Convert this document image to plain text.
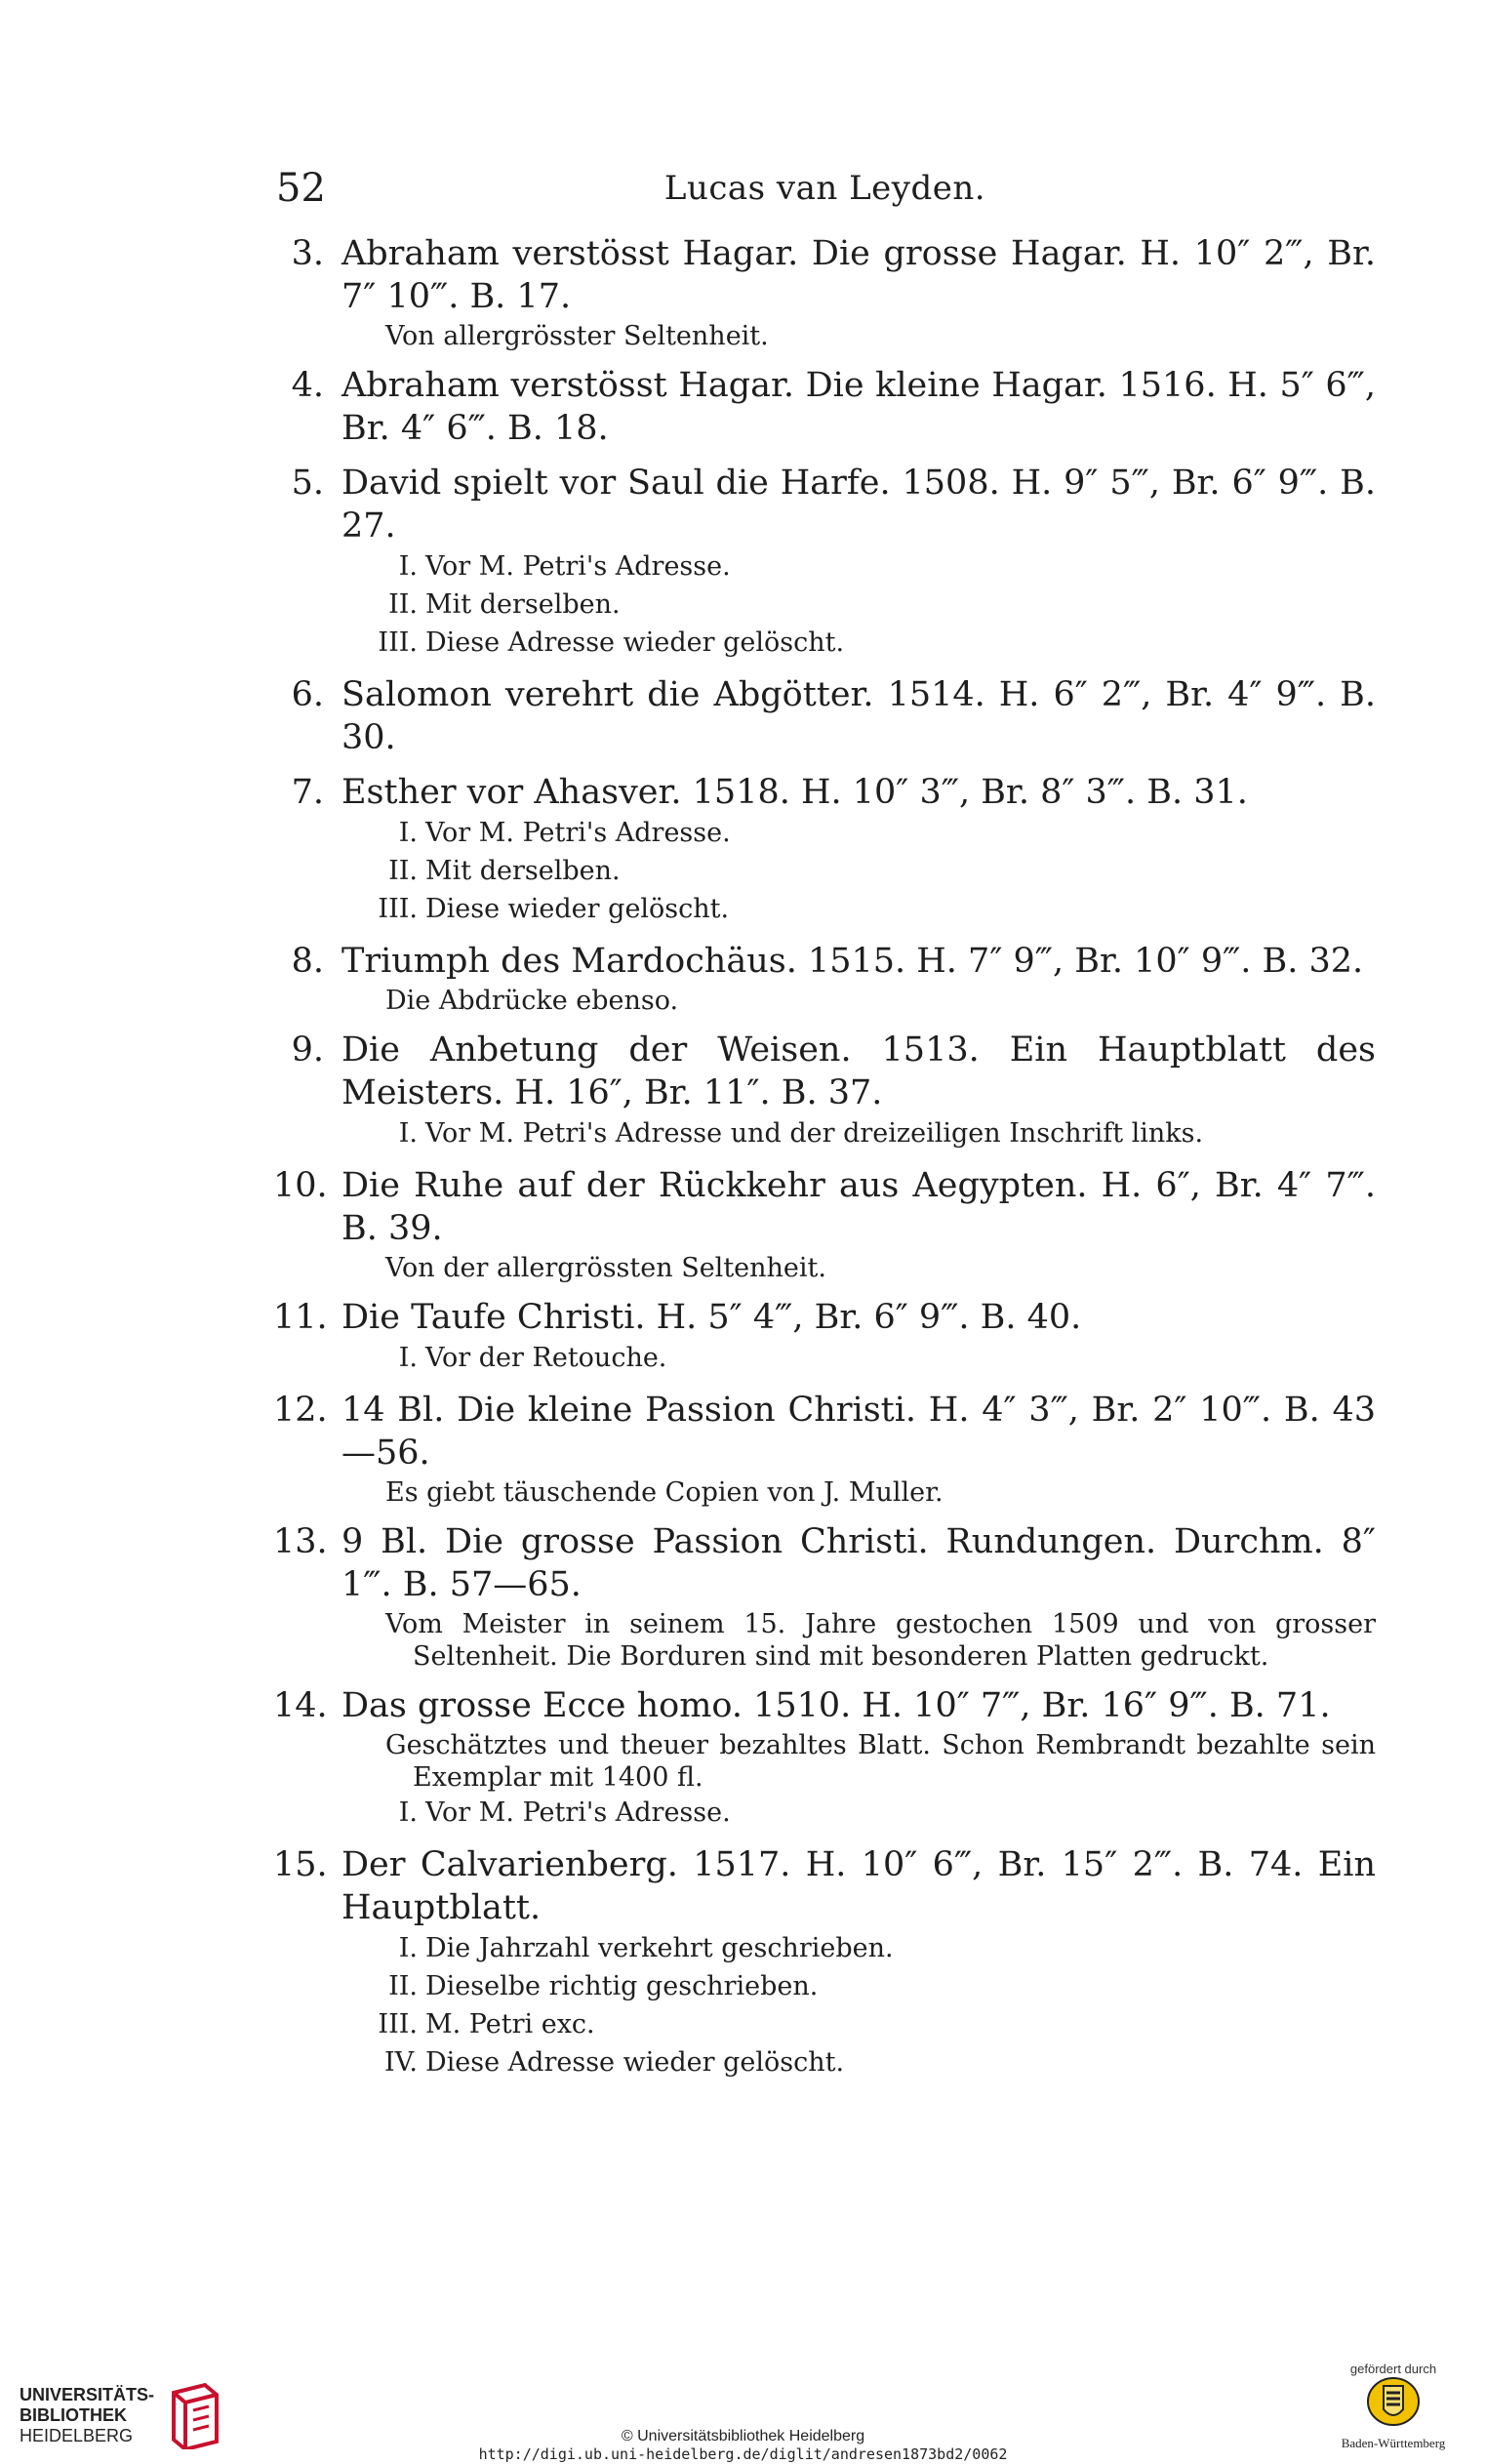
52	Lucas van Leyden.
3. Abraham verstösst Hagar. Die grosse Hagar. H. 10″ 2‴, Br. 7″ 10‴. B. 17.
Von allergrösster Seltenheit.
4. Abraham verstösst Hagar. Die kleine Hagar. 1516. H. 5″ 6‴, Br. 4″ 6‴. B. 18.
5. David spielt vor Saul die Harfe. 1508. H. 9″ 5‴, Br. 6″ 9‴. B. 27.
I. Vor M. Petri's Adresse.
II. Mit derselben.
III. Diese Adresse wieder gelöscht.
6. Salomon verehrt die Abgötter. 1514. H. 6″ 2‴, Br. 4″ 9‴. B. 30.
7. Esther vor Ahasver. 1518. H. 10″ 3‴, Br. 8″ 3‴. B. 31.
I. Vor M. Petri's Adresse.
II. Mit derselben.
III. Diese wieder gelöscht.
8. Triumph des Mardochäus. 1515. H. 7″ 9‴, Br. 10″ 9‴. B. 32.
Die Abdrücke ebenso.
9. Die Anbetung der Weisen. 1513. Ein Hauptblatt des Meisters. H. 16″, Br. 11″. B. 37.
I. Vor M. Petri's Adresse und der dreizeiligen Inschrift links.
10. Die Ruhe auf der Rückkehr aus Aegypten. H. 6″, Br. 4″ 7‴. B. 39.
Von der allergrössten Seltenheit.
11. Die Taufe Christi. H. 5″ 4‴, Br. 6″ 9‴. B. 40.
I. Vor der Retouche.
12. 14 Bl. Die kleine Passion Christi. H. 4″ 3‴, Br. 2″ 10‴. B. 43—56.
Es giebt täuschende Copien von J. Muller.
13. 9 Bl. Die grosse Passion Christi. Rundungen. Durchm. 8″ 1‴. B. 57—65.
Vom Meister in seinem 15. Jahre gestochen 1509 und von grosser Seltenheit. Die Borduren sind mit besonderen Platten gedruckt.
14. Das grosse Ecce homo. 1510. H. 10″ 7‴, Br. 16″ 9‴. B. 71.
Geschätztes und theuer bezahltes Blatt. Schon Rembrandt bezahlte sein Exemplar mit 1400 fl.
I. Vor M. Petri's Adresse.
15. Der Calvarienberg. 1517. H. 10″ 6‴, Br. 15″ 2‴. B. 74. Ein Hauptblatt.
I. Die Jahrzahl verkehrt geschrieben.
II. Dieselbe richtig geschrieben.
III. M. Petri exc.
IV. Diese Adresse wieder gelöscht.
UNIVERSITÄTS-
BIBLIOTHEK
HEIDELBERG	© Universitätsbibliothek Heidelberg
http://digi.ub.uni-heidelberg.de/diglit/andresen1873bd2/0062
gefördert durch
Baden-Württemberg
